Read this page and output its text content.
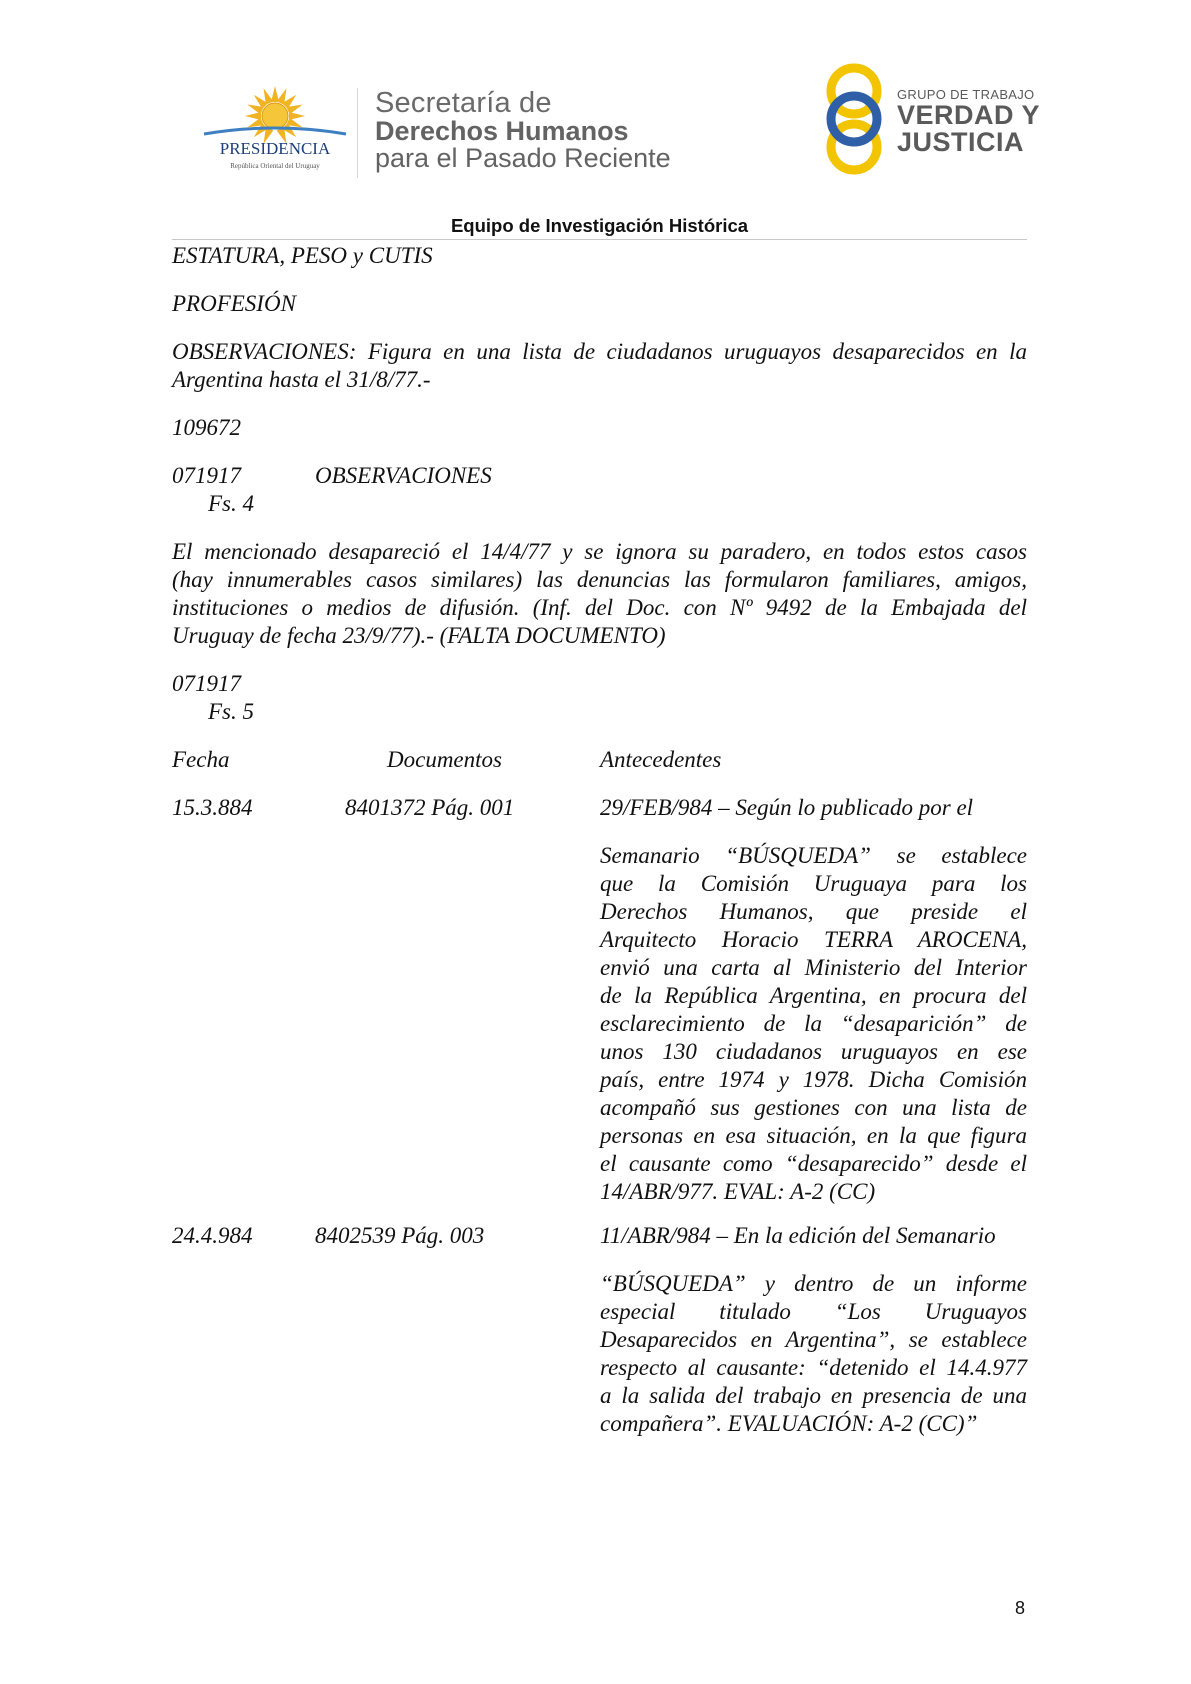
PRESIDENCIA
República Oriental del Uruguay
Secretaría de
Derechos Humanos
para el Pasado Reciente
GRUPO DE TRABAJO
VERDAD Y
JUSTICIA
Equipo de Investigación Histórica
ESTATURA, PESO y CUTIS
PROFESIÓN
OBSERVACIONES: Figura en una lista de ciudadanos uruguayos desaparecidos en la
Argentina hasta el 31/8/77.-
109672
071917	OBSERVACIONES
Fs. 4
El mencionado desapareció el 14/4/77 y se ignora su paradero, en todos estos casos
(hay innumerables casos similares) las denuncias las formularon familiares, amigos,
instituciones o medios de difusión. (Inf. del Doc. con Nº 9492 de la Embajada del
Uruguay de fecha 23/9/77).- (FALTA DOCUMENTO)
071917
Fs. 5
Fecha	Documentos	Antecedentes
15.3.884	8401372 Pág. 001	29/FEB/984 – Según lo publicado por el
Semanario “BÚSQUEDA” se establece
que la Comisión Uruguaya para los
Derechos Humanos, que preside el
Arquitecto Horacio TERRA AROCENA,
envió una carta al Ministerio del Interior
de la República Argentina, en procura del
esclarecimiento de la “desaparición” de
unos 130 ciudadanos uruguayos en ese
país, entre 1974 y 1978. Dicha Comisión
acompañó sus gestiones con una lista de
personas en esa situación, en la que figura
el causante como “desaparecido” desde el
14/ABR/977. EVAL: A-2 (CC)
24.4.984	8402539 Pág. 003	11/ABR/984 – En la edición del Semanario
“BÚSQUEDA” y dentro de un informe
especial titulado “Los Uruguayos
Desaparecidos en Argentina”, se establece
respecto al causante: “detenido el 14.4.977
a la salida del trabajo en presencia de una
compañera”. EVALUACIÓN: A-2 (CC)”
8
